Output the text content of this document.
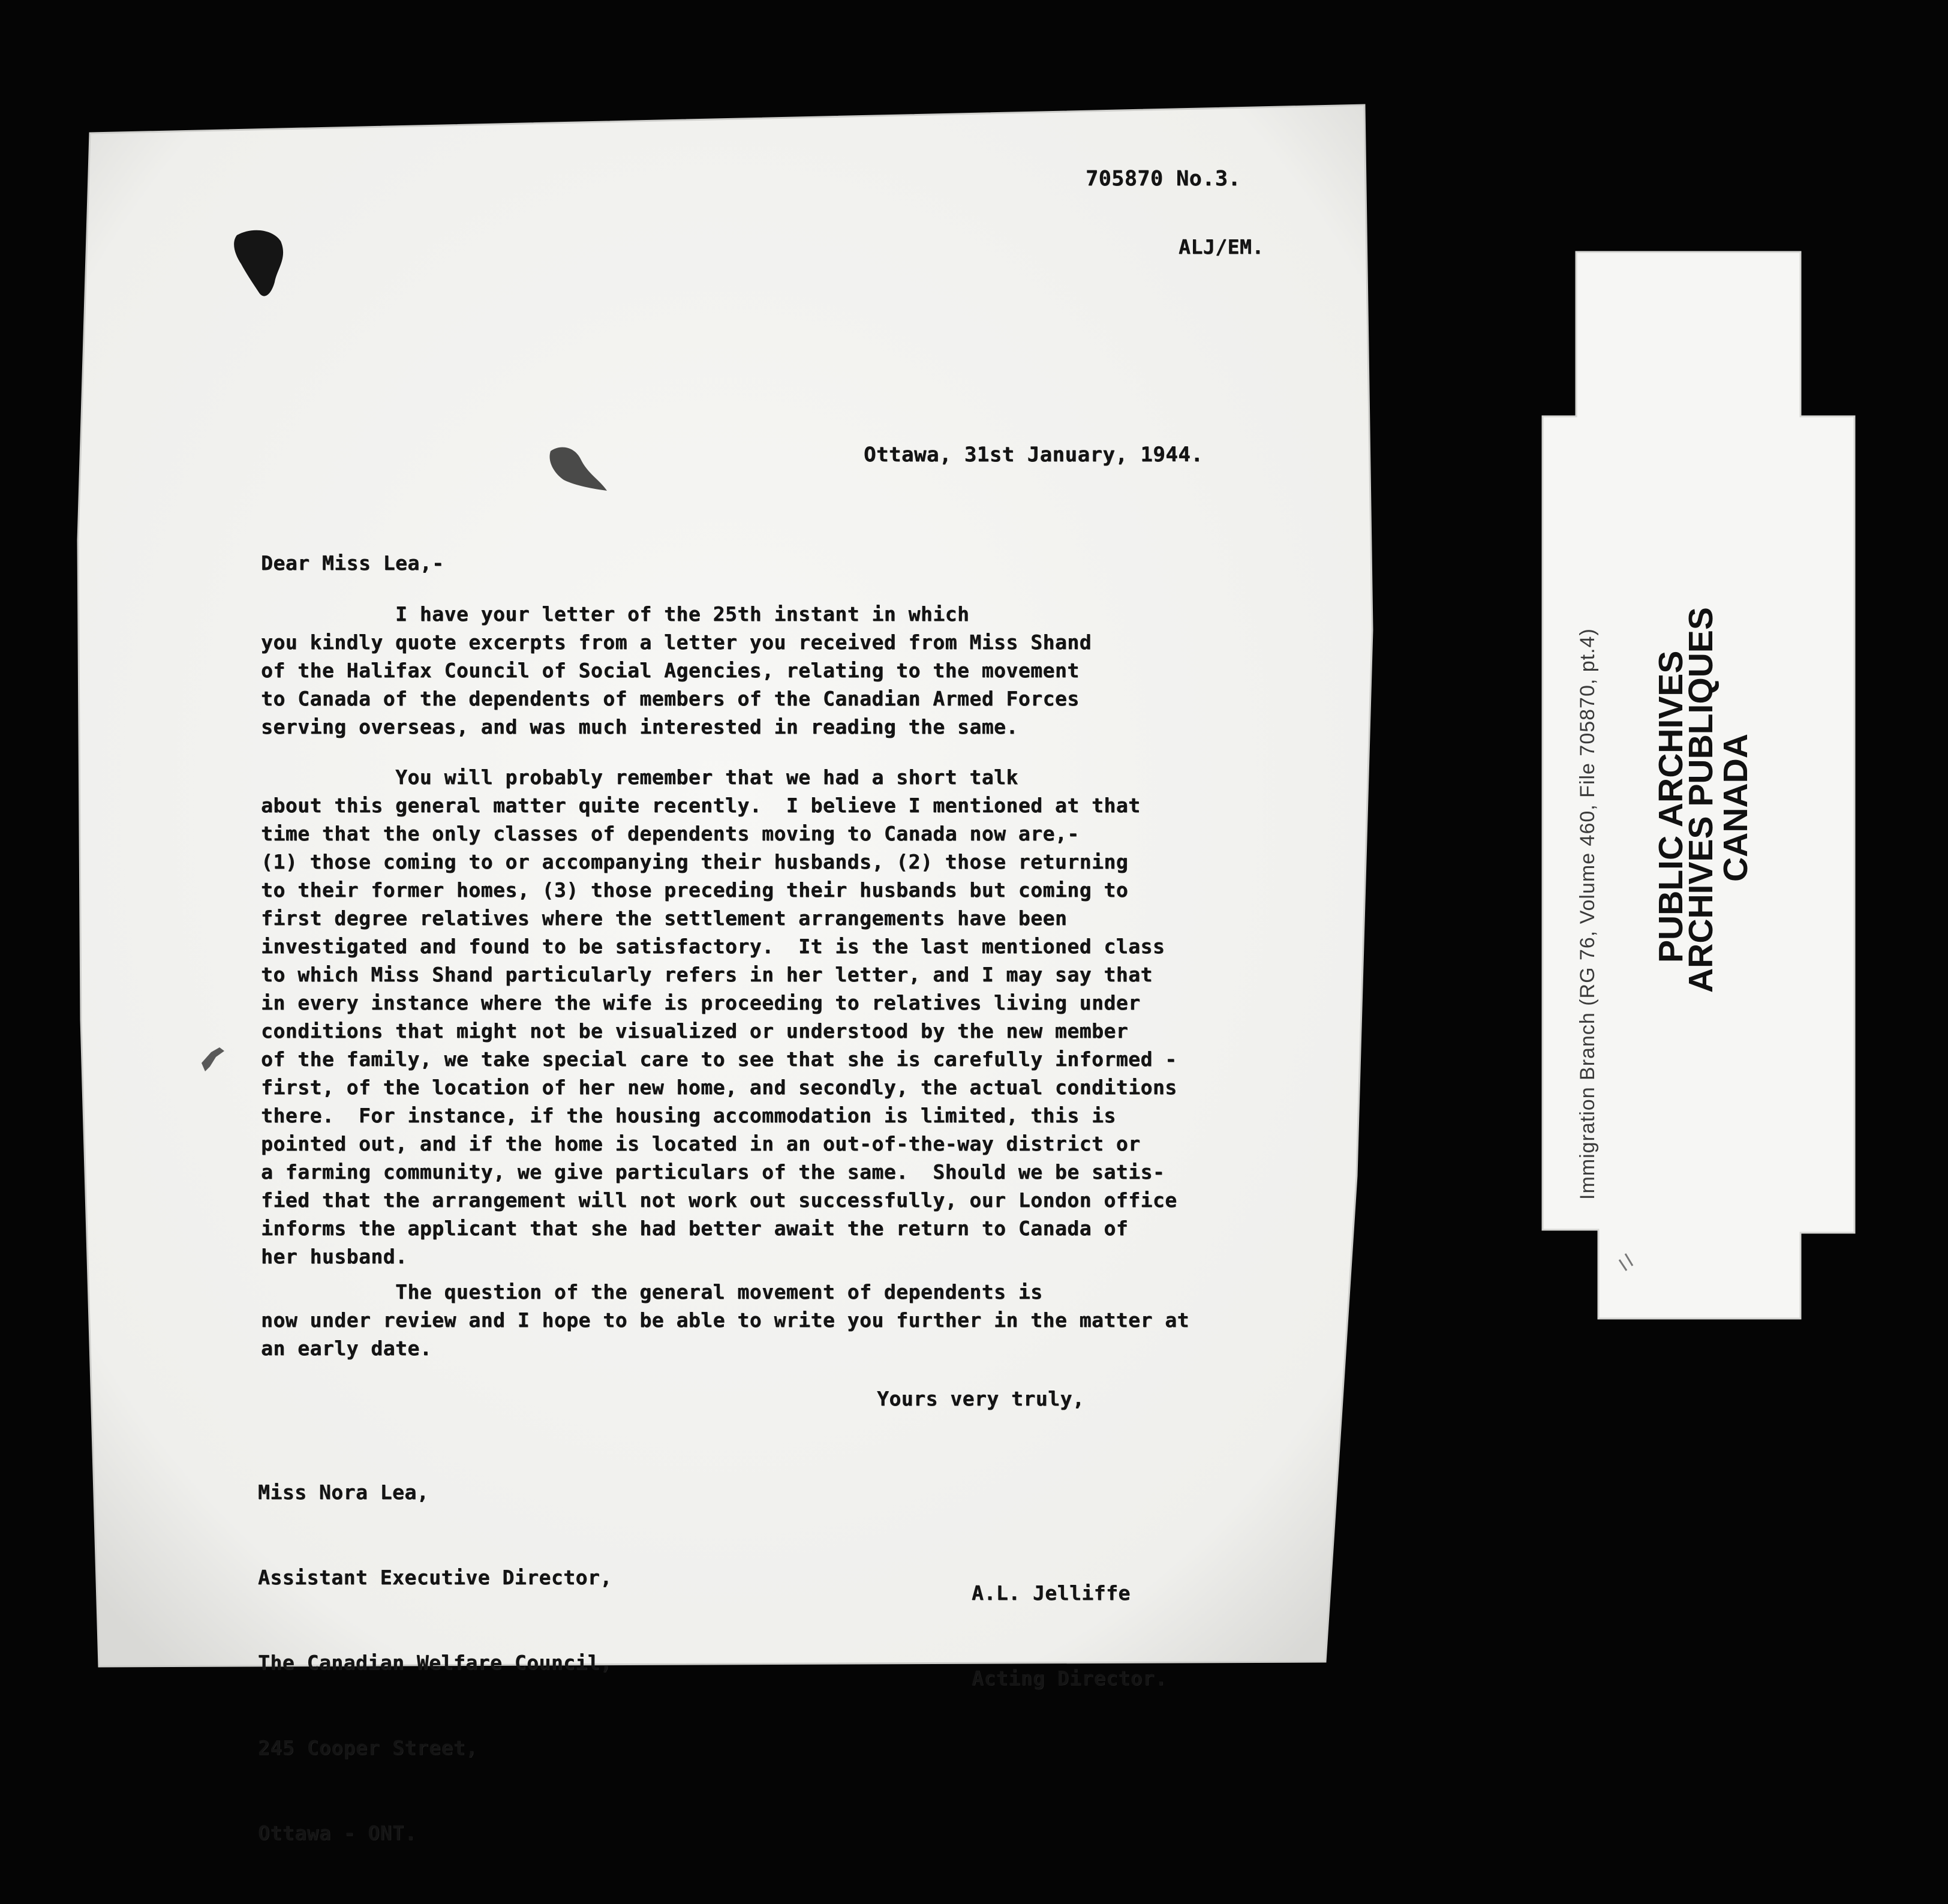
705870 No.3.
ALJ/EM.
Ottawa, 31st January, 1944.
Dear Miss Lea,-
I have your letter of the 25th instant in which
you kindly quote excerpts from a letter you received from Miss Shand
of the Halifax Council of Social Agencies, relating to the movement
to Canada of the dependents of members of the Canadian Armed Forces
serving overseas, and was much interested in reading the same.
You will probably remember that we had a short talk
about this general matter quite recently.  I believe I mentioned at that
time that the only classes of dependents moving to Canada now are,-
(1) those coming to or accompanying their husbands, (2) those returning
to their former homes, (3) those preceding their husbands but coming to
first degree relatives where the settlement arrangements have been
investigated and found to be satisfactory.  It is the last mentioned class
to which Miss Shand particularly refers in her letter, and I may say that
in every instance where the wife is proceeding to relatives living under
conditions that might not be visualized or understood by the new member
of the family, we take special care to see that she is carefully informed -
first, of the location of her new home, and secondly, the actual conditions
there.  For instance, if the housing accommodation is limited, this is
pointed out, and if the home is located in an out-of-the-way district or
a farming community, we give particulars of the same.  Should we be satis-
fied that the arrangement will not work out successfully, our London office
informs the applicant that she had better await the return to Canada of
her husband.
The question of the general movement of dependents is
now under review and I hope to be able to write you further in the matter at
an early date.
Yours very truly,

Miss Nora Lea,

Assistant Executive Director,

The Canadian Welfare Council,

245 Cooper Street,

Ottawa - ONT.

A.L. Jelliffe

Acting Director.

Immigration Branch (RG 76, Volume 460, File 705870, pt.4) PUBLIC ARCHIVES
ARCHIVES PUBLIQUES
CANADA
